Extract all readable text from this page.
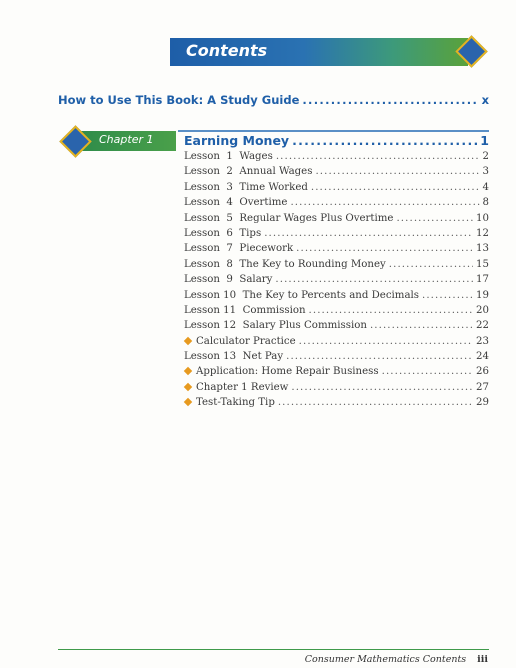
Contents
How to Use This Book: A Study Guide .....	x
Chapter 1 Earning Money .....	1
Lesson  1  Wages .....	2
Lesson  2  Annual Wages .....	3
Lesson  3  Time Worked .....	4
Lesson  4  Overtime .....	8
Lesson  5  Regular Wages Plus Overtime .....	10
Lesson  6  Tips .....	12
Lesson  7  Piecework .....	13
Lesson  8  The Key to Rounding Money .....	15
Lesson  9  Salary .....	17
Lesson 10  The Key to Percents and Decimals .....	19
Lesson 11  Commission .....	20
Lesson 12  Salary Plus Commission .....	22
Calculator Practice .....	23
Lesson 13  Net Pay .....	24
Application: Home Repair Business .....	26
Chapter 1 Review .....	27
Test-Taking Tip .....	29
Consumer Mathematics Contents iii
